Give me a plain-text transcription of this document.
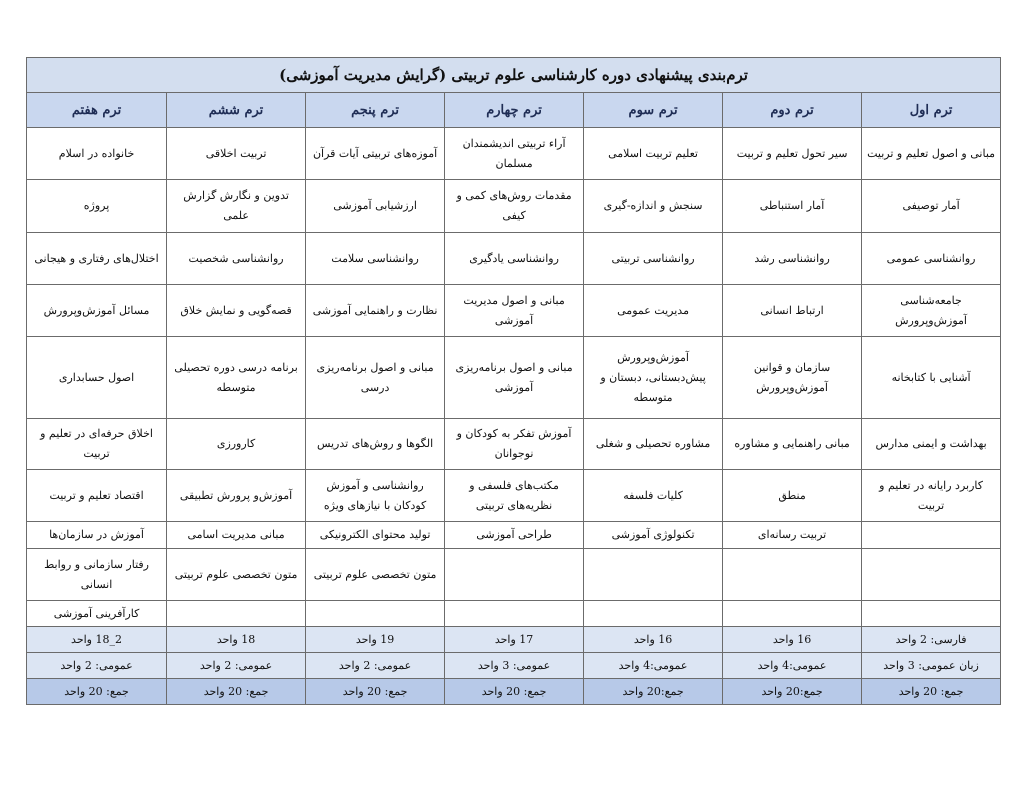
ترم‌بندی پیشنهادی دوره کارشناسی علوم تربیتی (گرایش مدیریت آموزشی)						
ترم اول	ترم دوم	ترم سوم	ترم چهارم	ترم پنجم	ترم ششم	ترم هفتم
مبانی و اصول تعلیم و تربیت	سیر تحول تعلیم و تربیت	تعلیم تربیت اسلامی	آراء تربیتی اندیشمندان مسلمان	آموزه‌های تربیتی آیات قرآن	تربیت اخلاقی	خانواده در اسلام
آمار توصیفی	آمار استنباطی	سنجش و اندازه-گیری	مقدمات روش‌های کمی و کیفی	ارزشیابی آموزشی	تدوین و نگارش گزارش علمی	پروژه
روانشناسی عمومی	روانشناسی رشد	روانشناسی تربیتی	روانشناسی یادگیری	روانشناسی سلامت	روانشناسی شخصیت	اختلال‌های رفتاری و هیجانی
جامعه‌شناسی آموزش‌وپرورش	ارتباط انسانی	مدیریت عمومی	مبانی و اصول مدیریت آموزشی	نظارت و راهنمایی آموزشی	قصه‌گویی و نمایش خلاق	مسائل آموزش‌وپرورش
آشنایی با کتابخانه	سازمان و قوانین آموزش‌وپرورش	آموزش‌وپرورش پیش‌دبستانی، دبستان و متوسطه	مبانی و اصول برنامه‌ریزی آموزشی	مبانی و اصول برنامه‌ریزی درسی	برنامه درسی دوره تحصیلی متوسطه	اصول حسابداری
بهداشت و ایمنی مدارس	مبانی راهنمایی و مشاوره	مشاوره تحصیلی و شغلی	آموزش تفکر به کودکان و نوجوانان	الگوها و روش‌های تدریس	کارورزی	اخلاق حرفه‌ای در تعلیم و تربیت
کاربرد رایانه در تعلیم و تربیت	منطق	کلیات فلسفه	مکتب‌های فلسفی و نظریه‌های تربیتی	روانشناسی و آموزش کودکان با نیازهای ویژه	آموزش‌و پرورش تطبیقی	اقتصاد تعلیم و تربیت
	تربیت رسانه‌ای	تکنولوژی آموزشی	طراحی آموزشی	تولید محتوای الکترونیکی	مبانی مدیریت اسامی	آموزش در سازمان‌ها
				متون تخصصی علوم تربیتی	متون تخصصی علوم تربیتی	رفتار سازمانی و روابط انسانی
						کارآفرینی آموزشی
فارسی: 2 واحد	16 واحد	16 واحد	17 واحد	19 واحد	18 واحد	2_18 واحد
زبان عمومی: 3 واحد	عمومی:4 واحد	عمومی:4 واحد	عمومی: 3 واحد	عمومی: 2 واحد	عمومی: 2 واحد	عمومی: 2 واحد
جمع: 20 واحد	جمع:20 واحد	جمع:20 واحد	جمع: 20 واحد	جمع: 20 واحد	جمع: 20 واحد	جمع: 20 واحد
